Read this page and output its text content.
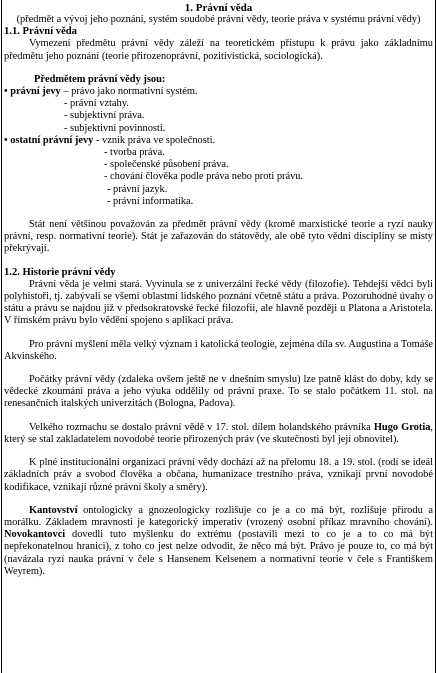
1. Právní věda

(předmět a vývoj jeho poznání, systém soudobé právní vědy, teorie práva v systému právní vědy)

1.1. Právní věda

Vymezení předmětu právní vědy záleží na teoretickém přístupu k právu jako základnímu předmětu jeho poznání (teorie přirozenoprávní, pozitivistická, sociologická).

Předmětem právní vědy jsou:
• právní jevy – právo jako normativní systém.
- právní vztahy.
- subjektivní práva.
- subjektivní povinnosti.
• ostatní právní jevy - vznik práva ve společnosti.
- tvorba práva.
- společenské působení práva.
- chování člověka podle práva nebo proti právu.
- právní jazyk.
- právní informatika.

Stát není většinou považován za předmět právní vědy (kromě marxistické teorie a ryzí nauky právní, resp. normativní teorie). Stát je zařazován do státovědy, ale obě tyto vědní disciplíny se místy překrývají.

1.2. Historie právní vědy

Právní věda je velmi stará. Vyvinula se z univerzální řecké vědy (filozofie). Tehdejší vědci byli polyhistoři, tj. zabývali se všemi oblastmi lidského poznání včetně státu a práva. Pozoruhodné úvahy o státu a právu se najdou již v předsokratovské řecké filozofii, ale hlavně později u Platona a Aristotela. V římském právu bylo vědění spojeno s aplikací práva.

Pro právní myšlení měla velký význam i katolická teologie, zejména díla sv. Augustina a Tomáše Akvinského.

Počátky právní vědy (zdaleka ovšem ještě ne v dnešním smyslu) lze patně klást do doby, kdy se vědecké zkoumání práva a jeho výuka oddělily od právní praxe. To se stalo počátkem 11. stol. na renesančních italských univerzitách (Bologna, Padova).

Velkého rozmachu se dostalo právní vědě v 17. stol. dílem holandského právníka Hugo Grotia, který se stal zakladatelem novodobé teorie přirozených práv (ve skutečnosti byl její obnovitel).

K plné institucionální organizaci právní vědy dochází až na přelomu 18. a 19. stol. (rodí se ideál základních práv a svobod člověka a občana, humanizace trestního práva, vznikají první novodobé kodifikace, vznikají různé právní školy a směry).

Kantovství ontologicky a gnozeologicky rozlišuje co je a co má být, rozlišuje přírodu a morálku. Základem mravnosti je kategorický imperativ (vrozený osobní příkaz mravního chování). Novokantovci dovedli tuto myšlenku do extrému (postavili mezi to co je a to co má být nepřekonatelnou hranici), z toho co jest nelze odvodit, že něco má být. Právo je pouze to, co má být (navázala ryzí nauka právní v čele s Hansenem Kelsenem a normativní teorie v čele s Františkem Weyrem).
